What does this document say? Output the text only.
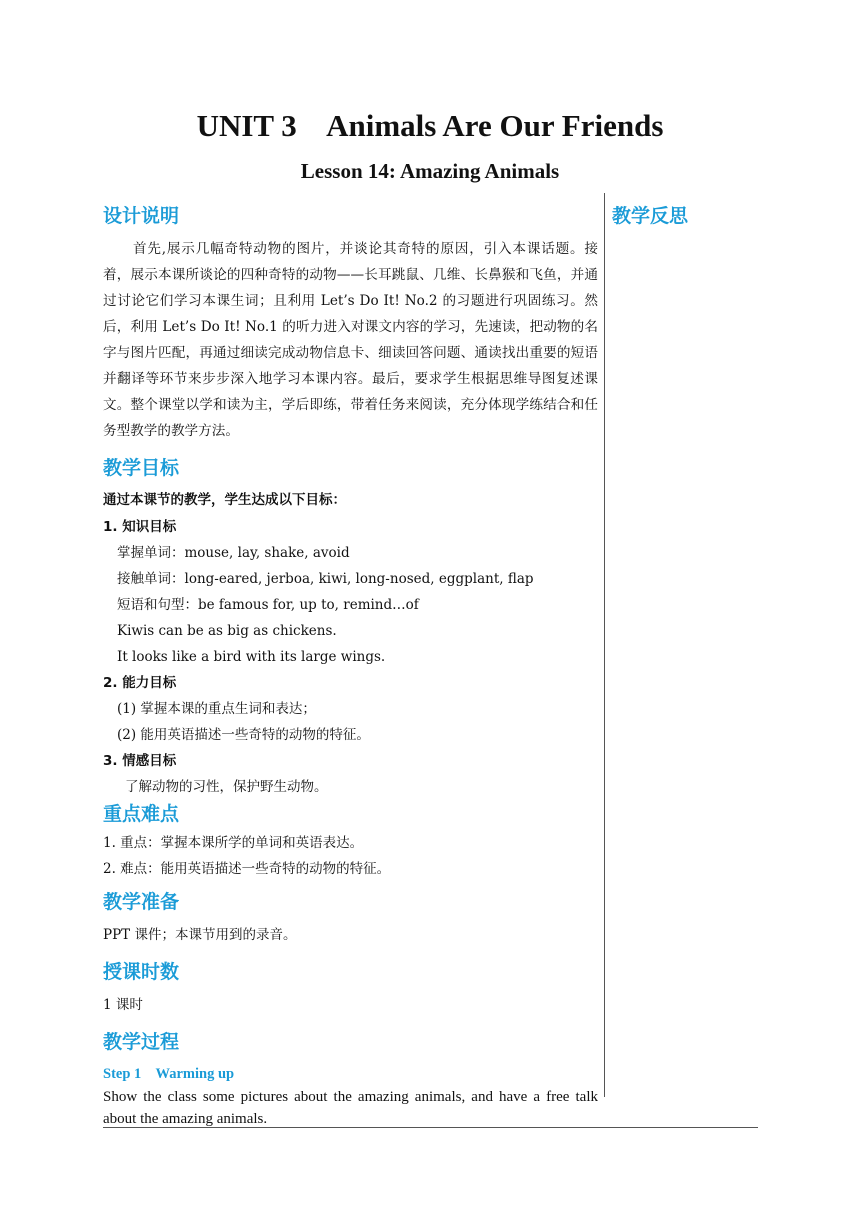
UNIT 3    Animals Are Our Friends
Lesson 14: Amazing Animals
教学反思
设计说明

首先,展示几幅奇特动物的图片，并谈论其奇特的原因，引入本课话题。接着，展示本课所谈论的四种奇特的动物——长耳跳鼠、几维、长鼻猴和飞鱼，并通过讨论它们学习本课生词；且利用 Let’s Do It! No.2 的习题进行巩固练习。然后，利用 Let’s Do It! No.1 的听力进入对课文内容的学习，先速读，把动物的名字与图片匹配，再通过细读完成动物信息卡、细读回答问题、通读找出重要的短语并翻译等环节来步步深入地学习本课内容。最后，要求学生根据思维导图复述课文。整个课堂以学和读为主，学后即练，带着任务来阅读，充分体现学练结合和任务型教学的教学方法。

教学目标
通过本课节的教学，学生达成以下目标：
1. 知识目标
掌握单词：mouse, lay, shake, avoid
接触单词：long-eared, jerboa, kiwi, long-nosed, eggplant, flap
短语和句型：be famous for, up to, remind…of
Kiwis can be as big as chickens.
It looks like a bird with its large wings.
2. 能力目标
(1) 掌握本课的重点生词和表达；
(2) 能用英语描述一些奇特的动物的特征。
3. 情感目标
了解动物的习性，保护野生动物。
重点难点
1. 重点：掌握本课所学的单词和英语表达。
2. 难点：能用英语描述一些奇特的动物的特征。
教学准备
PPT 课件；本课节用到的录音。
授课时数
1 课时
教学过程
Step 1    Warming up
Show the class some pictures about the amazing animals, and have a free talk about the amazing animals.
